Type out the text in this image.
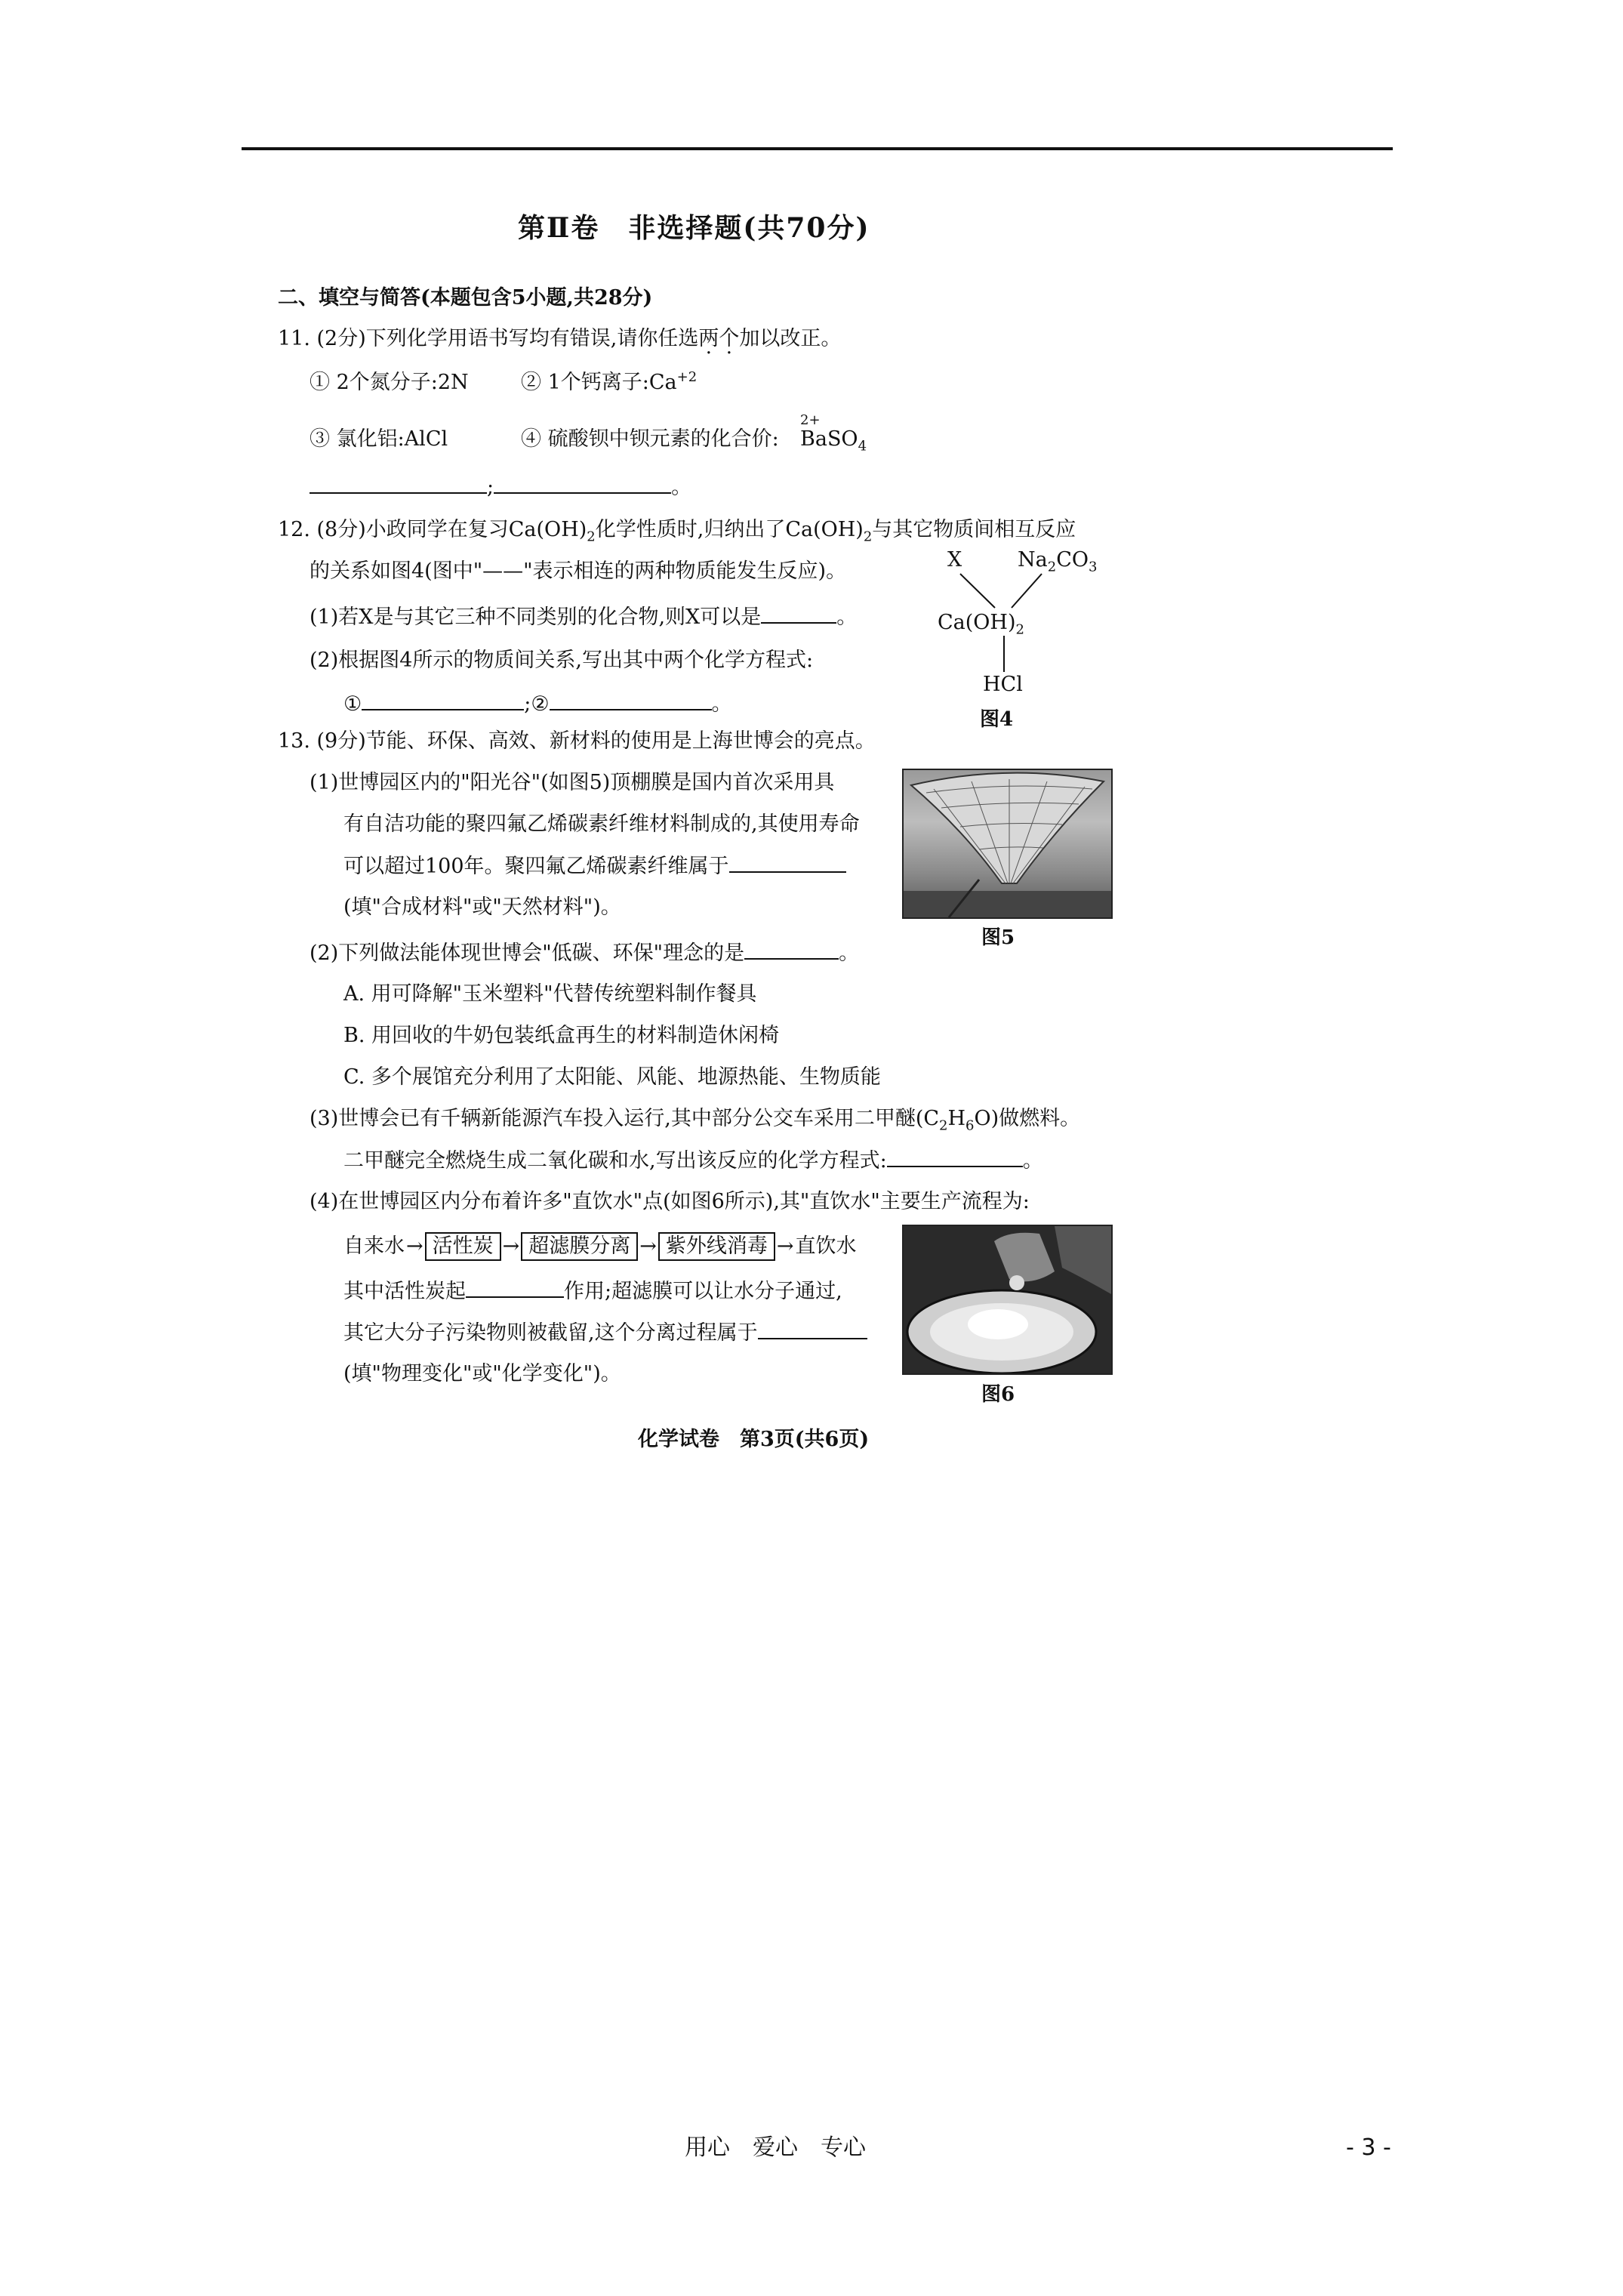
第Ⅱ卷　非选择题(共70分)
二、填空与简答(本题包含5小题,共28分)
11. (2分)下列化学用语书写均有错误,请你任选两个加以改正。
① 2个氮分子:2N	② 1个钙离子$:Ca^{+2}$
③ 氯化铝:AlCl	④ 硫酸钡中钡元素的化合价:
2+
BaSO$_4$
;	。
12. (8分)小政同学在复习$Ca(OH)_2$化学性质时,归纳出了$Ca(OH)_2$与其它物质间相互反应
的关系如图4(图中"——"表示相连的两种物质能发生反应)。
(1)若X是与其它三种不同类别的化合物,则X可以是	。
(2)根据图4所示的物质间关系,写出其中两个化学方程式:
①	;②	。
X	$Na_2CO_3$
$Ca(OH)_2$
HCl
图4
13. (9分)节能、环保、高效、新材料的使用是上海世博会的亮点。
(1)世博园区内的"阳光谷"(如图5)顶棚膜是国内首次采用具
有自洁功能的聚四氟乙烯碳素纤维材料制成的,其使用寿命
可以超过100年。聚四氟乙烯碳素纤维属于
(填"合成材料"或"天然材料")。
图5
(2)下列做法能体现世博会"低碳、环保"理念的是	。
A. 用可降解"玉米塑料"代替传统塑料制作餐具
B. 用回收的牛奶包装纸盒再生的材料制造休闲椅
C. 多个展馆充分利用了太阳能、风能、地源热能、生物质能
(3)世博会已有千辆新能源汽车投入运行,其中部分公交车采用二甲醚$(C_2H_6O)$做燃料。
二甲醚完全燃烧生成二氧化碳和水,写出该反应的化学方程式:	。
(4)在世博园区内分布着许多"直饮水"点(如图6所示),其"直饮水"主要生产流程为:
自来水→ 活性炭 → 超滤膜分离 → 紫外线消毒 →直饮水
其中活性炭起	作用;超滤膜可以让水分子通过,
其它大分子污染物则被截留,这个分离过程属于
(填"物理变化"或"化学变化")。
图6
化学试卷　第3页(共6页)
用心　爱心　专心	- 3 -
